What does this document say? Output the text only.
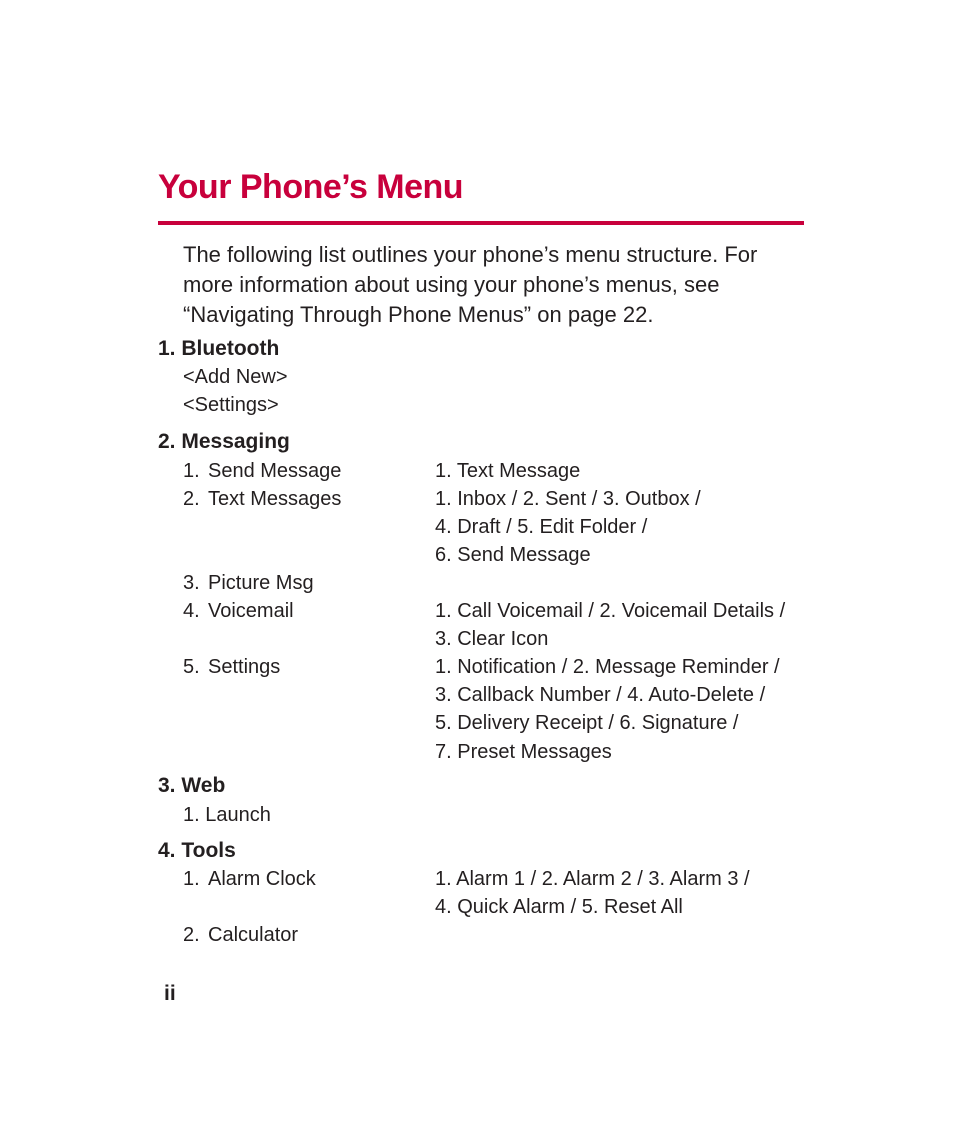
Your Phone’s Menu
The following list outlines your phone’s menu structure. For
more information about using your phone’s menus, see
“Navigating Through Phone Menus” on page 22.
1. Bluetooth
<Add New>
<Settings>
2. Messaging
1. Send Message	1. Text Message
2. Text Messages	1. Inbox / 2. Sent / 3. Outbox /
4. Draft / 5. Edit Folder /
6. Send Message
3. Picture Msg
4. Voicemail	1. Call Voicemail / 2. Voicemail Details /
3. Clear Icon
5. Settings	1. Notification / 2. Message Reminder /
3. Callback Number / 4. Auto-Delete /
5. Delivery Receipt / 6. Signature /
7. Preset Messages
3. Web
1. Launch
4. Tools
1. Alarm Clock	1. Alarm 1 / 2. Alarm 2 / 3. Alarm 3 /
4. Quick Alarm / 5. Reset All
2. Calculator
ii
